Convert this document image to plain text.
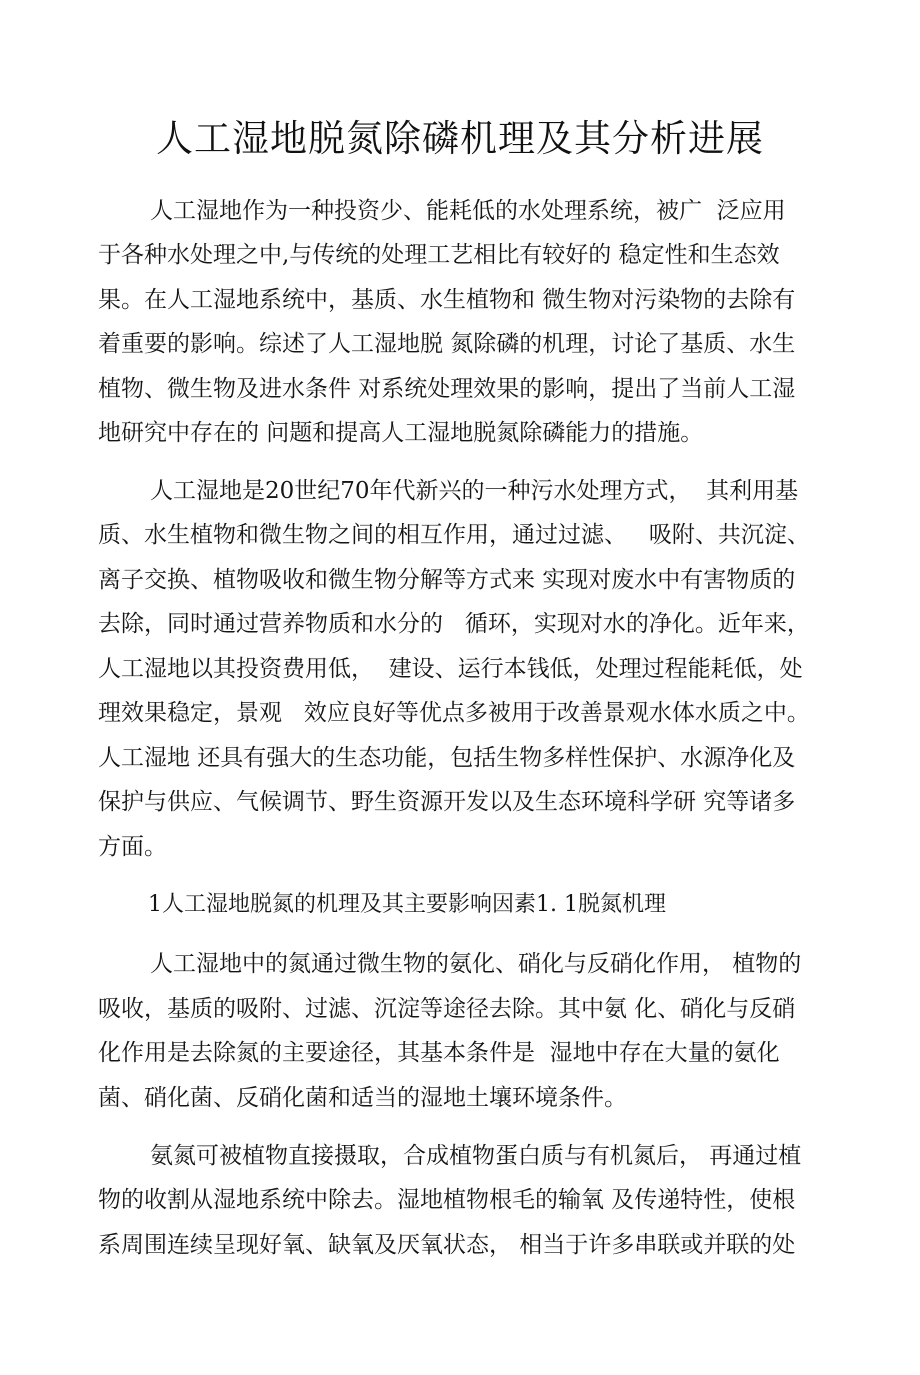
人工湿地脱氮除磷机理及其分析进展
人工湿地作为一种投资少、能耗低的水处理系统，被广  泛应用
于各种水处理之中,与传统的处理工艺相比有较好的 稳定性和生态效
果。在人工湿地系统中，基质、水生植物和 微生物对污染物的去除有
着重要的影响。综述了人工湿地脱 氮除磷的机理，讨论了基质、水生
植物、微生物及进水条件 对系统处理效果的影响，提出了当前人工湿
地研究中存在的 问题和提高人工湿地脱氮除磷能力的措施。
人工湿地是20世纪70年代新兴的一种污水处理方式，  其利用基
质、水生植物和微生物之间的相互作用，通过过滤、   吸附、共沉淀、
离子交换、植物吸收和微生物分解等方式来 实现对废水中有害物质的
去除，同时通过营养物质和水分的   循环，实现对水的净化。近年来，
人工湿地以其投资费用低，  建设、运行本钱低，处理过程能耗低，处
理效果稳定，景观   效应良好等优点多被用于改善景观水体水质之中。
人工湿地 还具有强大的生态功能，包括生物多样性保护、水源净化及
保护与供应、气候调节、野生资源开发以及生态环境科学研 究等诸多
方面。
1人工湿地脱氮的机理及其主要影响因素1. 1脱氮机理
人工湿地中的氮通过微生物的氨化、硝化与反硝化作用， 植物的
吸收，基质的吸附、过滤、沉淀等途径去除。其中氨 化、硝化与反硝
化作用是去除氮的主要途径，其基本条件是  湿地中存在大量的氨化
菌、硝化菌、反硝化菌和适当的湿地土壤环境条件。
氨氮可被植物直接摄取，合成植物蛋白质与有机氮后， 再通过植
物的收割从湿地系统中除去。湿地植物根毛的输氧 及传递特性，使根
系周围连续呈现好氧、缺氧及厌氧状态， 相当于许多串联或并联的处
